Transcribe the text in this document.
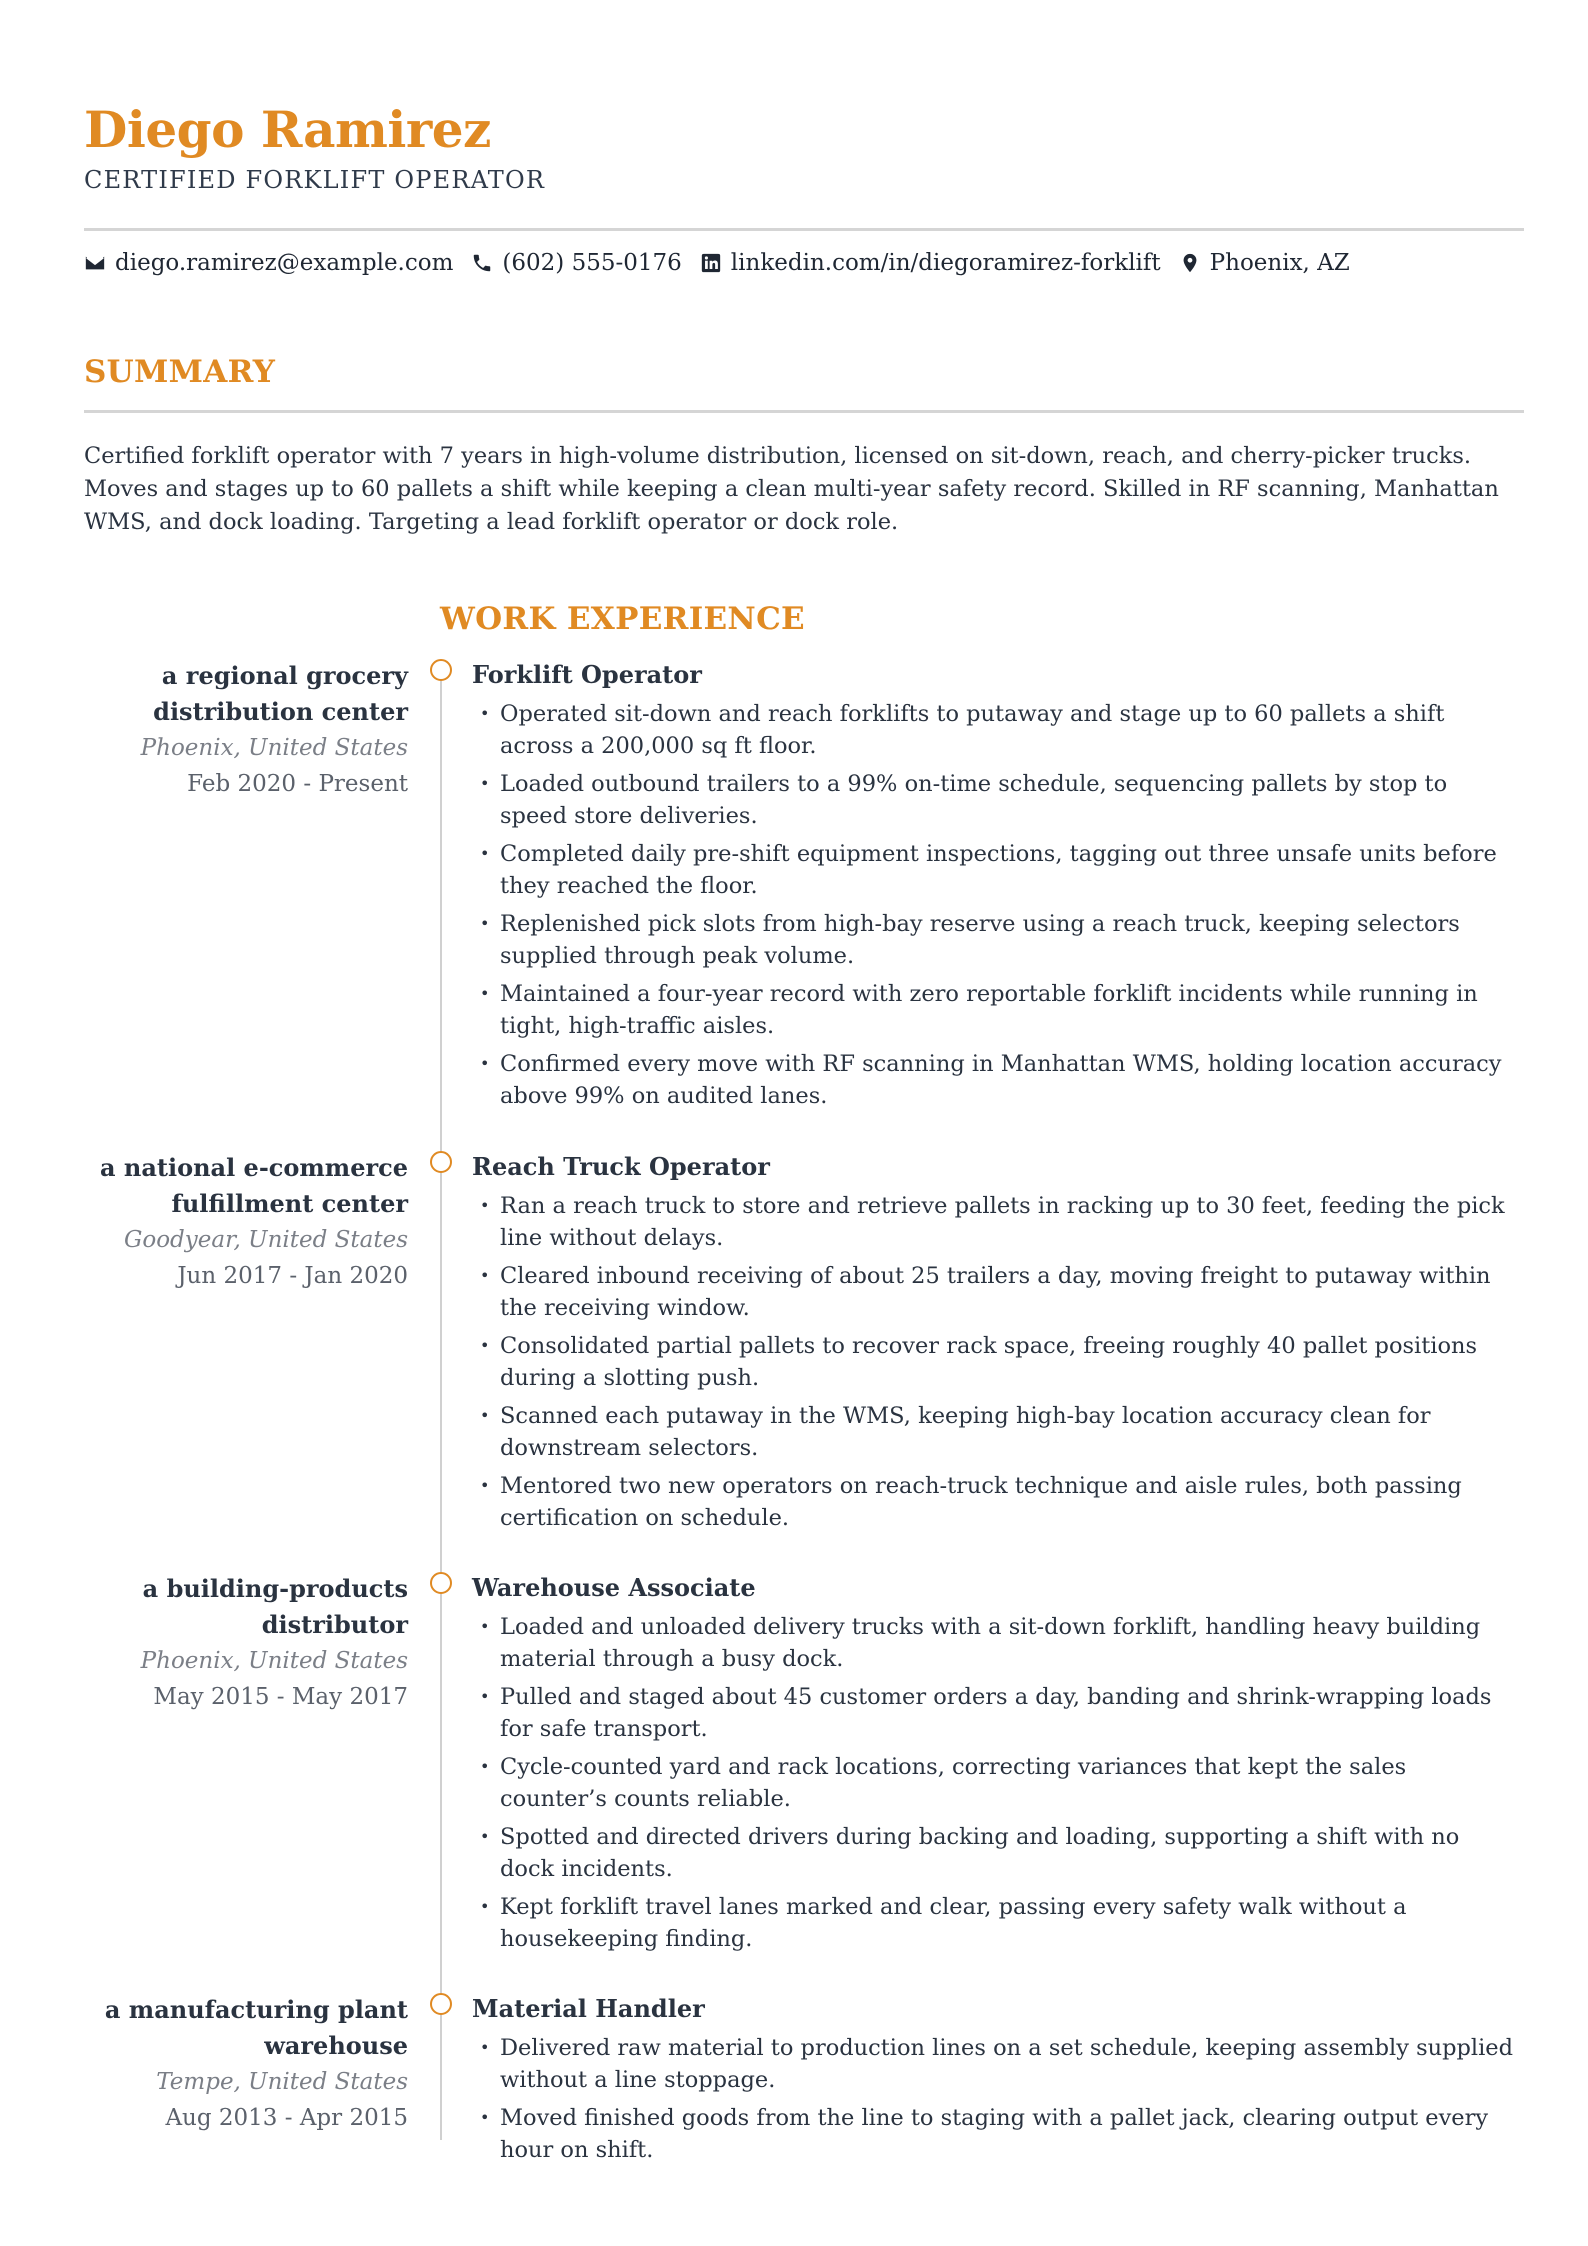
Diego Ramirez
CERTIFIED FORKLIFT OPERATOR
diego.ramirez@example.com (602) 555-0176 linkedin.com/in/diegoramirez-forklift Phoenix, AZ
SUMMARY
Certified forklift operator with 7 years in high-volume distribution, licensed on sit-down, reach, and cherry-picker trucks. Moves and stages up to 60 pallets a shift while keeping a clean multi-year safety record. Skilled in RF scanning, Manhattan WMS, and dock loading. Targeting a lead forklift operator or dock role.
WORK EXPERIENCE
a regional grocery
distribution center
Phoenix, United States
Feb 2020 - Present
Forklift Operator
• Operated sit-down and reach forklifts to putaway and stage up to 60 pallets a shift across a 200,000 sq ft floor.
• Loaded outbound trailers to a 99% on-time schedule, sequencing pallets by stop to speed store deliveries.
• Completed daily pre-shift equipment inspections, tagging out three unsafe units before they reached the floor.
• Replenished pick slots from high-bay reserve using a reach truck, keeping selectors supplied through peak volume.
• Maintained a four-year record with zero reportable forklift incidents while running in tight, high-traffic aisles.
• Confirmed every move with RF scanning in Manhattan WMS, holding location accuracy above 99% on audited lanes.
a national e-commerce
fulfillment center
Goodyear, United States
Jun 2017 - Jan 2020
Reach Truck Operator
• Ran a reach truck to store and retrieve pallets in racking up to 30 feet, feeding the pick line without delays.
• Cleared inbound receiving of about 25 trailers a day, moving freight to putaway within the receiving window.
• Consolidated partial pallets to recover rack space, freeing roughly 40 pallet positions during a slotting push.
• Scanned each putaway in the WMS, keeping high-bay location accuracy clean for downstream selectors.
• Mentored two new operators on reach-truck technique and aisle rules, both passing certification on schedule.
a building-products
distributor
Phoenix, United States
May 2015 - May 2017
Warehouse Associate
• Loaded and unloaded delivery trucks with a sit-down forklift, handling heavy building material through a busy dock.
• Pulled and staged about 45 customer orders a day, banding and shrink-wrapping loads for safe transport.
• Cycle-counted yard and rack locations, correcting variances that kept the sales counter’s counts reliable.
• Spotted and directed drivers during backing and loading, supporting a shift with no dock incidents.
• Kept forklift travel lanes marked and clear, passing every safety walk without a housekeeping finding.
a manufacturing plant
warehouse
Tempe, United States
Aug 2013 - Apr 2015
Material Handler
• Delivered raw material to production lines on a set schedule, keeping assembly supplied without a line stoppage.
• Moved finished goods from the line to staging with a pallet jack, clearing output every hour on shift.
